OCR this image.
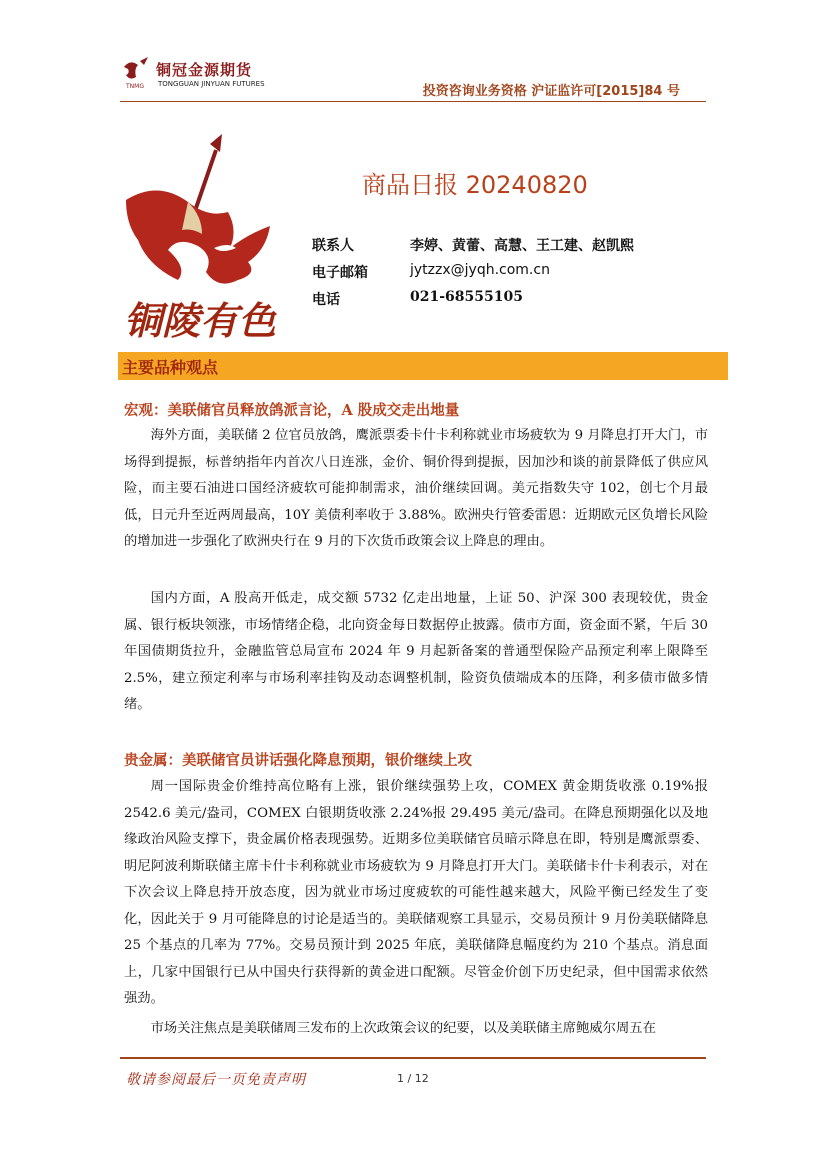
铜冠金源期货
TNMG TONGGUAN JINYUAN FUTURES	投资咨询业务资格 沪证监许可[2015]84 号
铜陵有色
商品日报 20240820
联系人	李婷、黄蕾、高慧、王工建、赵凯熙
电子邮箱	jytzzx@jyqh.com.cn
电话	021-68555105
主要品种观点
宏观：美联储官员释放鸽派言论，A 股成交走出地量
海外方面，美联储 2 位官员放鸽，鹰派票委卡什卡利称就业市场疲软为 9 月降息打开大门，市场得到提振，标普纳指年内首次八日连涨，金价、铜价得到提振，因加沙和谈的前景降低了供应风险，而主要石油进口国经济疲软可能抑制需求，油价继续回调。美元指数失守 102，创七个月最低，日元升至近两周最高，10Y 美债利率收于 3.88%。欧洲央行管委雷恩：近期欧元区负增长风险的增加进一步强化了欧洲央行在 9 月的下次货币政策会议上降息的理由。
国内方面，A 股高开低走，成交额 5732 亿走出地量，上证 50、沪深 300 表现较优，贵金属、银行板块领涨，市场情绪企稳，北向资金每日数据停止披露。债市方面，资金面不紧，午后 30 年国债期货拉升，金融监管总局宣布 2024 年 9 月起新备案的普通型保险产品预定利率上限降至 2.5%，建立预定利率与市场利率挂钩及动态调整机制，险资负债端成本的压降，利多债市做多情绪。
贵金属：美联储官员讲话强化降息预期，银价继续上攻
周一国际贵金价维持高位略有上涨，银价继续强势上攻，COMEX 黄金期货收涨 0.19%报 2542.6 美元/盎司，COMEX 白银期货收涨 2.24%报 29.495 美元/盎司。在降息预期强化以及地缘政治风险支撑下，贵金属价格表现强势。近期多位美联储官员暗示降息在即，特别是鹰派票委、明尼阿波利斯联储主席卡什卡利称就业市场疲软为 9 月降息打开大门。美联储卡什卡利表示，对在下次会议上降息持开放态度，因为就业市场过度疲软的可能性越来越大，风险平衡已经发生了变化，因此关于 9 月可能降息的讨论是适当的。美联储观察工具显示，交易员预计 9 月份美联储降息 25 个基点的几率为 77%。交易员预计到 2025 年底，美联储降息幅度约为 210 个基点。消息面上，几家中国银行已从中国央行获得新的黄金进口配额。尽管金价创下历史纪录，但中国需求依然强劲。
市场关注焦点是美联储周三发布的上次政策会议的纪要，以及美联储主席鲍威尔周五在
敬请参阅最后一页免责声明	1 / 12
